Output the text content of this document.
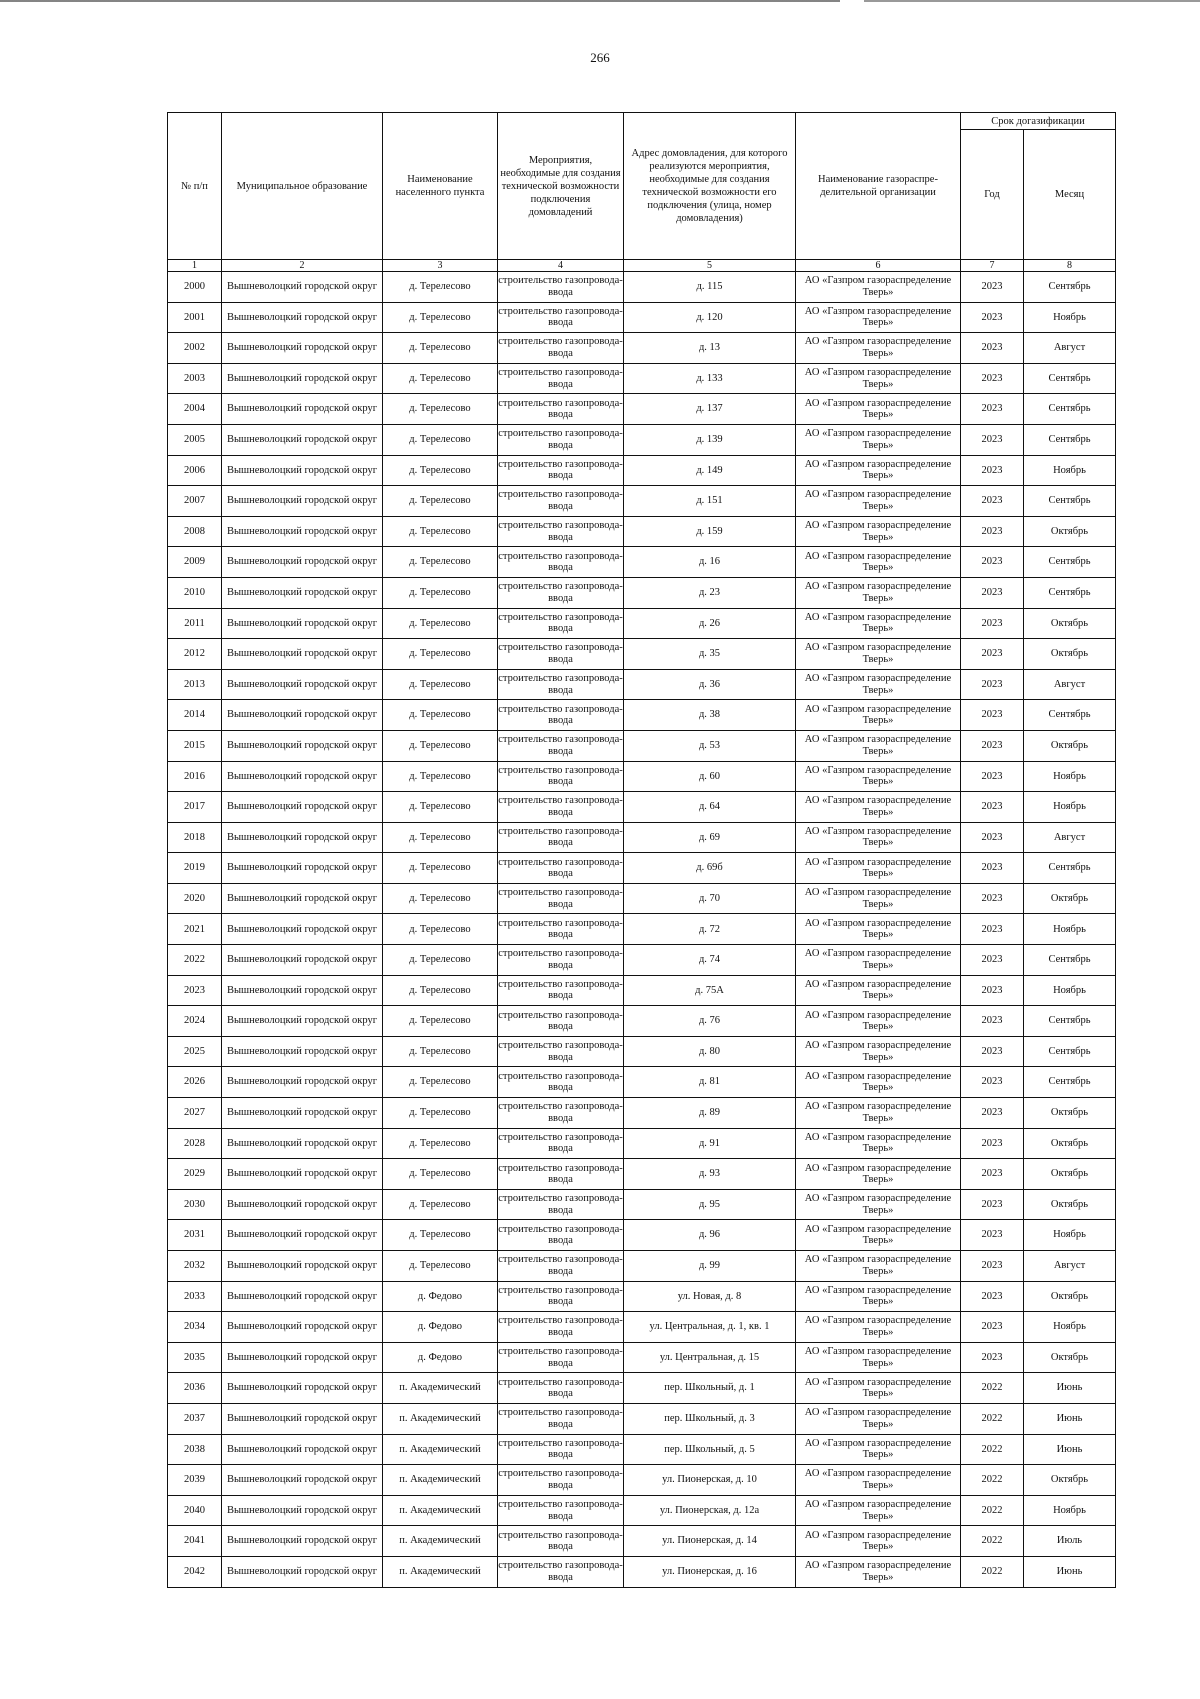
266
№ п/п	Муниципальное образование	Наименование населенного пункта	Мероприятия, необходимые для создания технической возможности подключения домовладений	Адрес домовладения, для которого реализуются мероприятия, необходимые для создания технической возможности его подключения (улица, номер домовладения)	Наименование газораспре-делительной организации	Срок догазификации	
						Год	Месяц
1	2	3	4	5	6	7	8
2000	Вышневолоцкий городской округ	д. Терелесово	строительство газопровода-ввода	д. 115	АО «Газпром газораспределение Тверь»	2023	Сентябрь
2001	Вышневолоцкий городской округ	д. Терелесово	строительство газопровода-ввода	д. 120	АО «Газпром газораспределение Тверь»	2023	Ноябрь
2002	Вышневолоцкий городской округ	д. Терелесово	строительство газопровода-ввода	д. 13	АО «Газпром газораспределение Тверь»	2023	Август
2003	Вышневолоцкий городской округ	д. Терелесово	строительство газопровода-ввода	д. 133	АО «Газпром газораспределение Тверь»	2023	Сентябрь
2004	Вышневолоцкий городской округ	д. Терелесово	строительство газопровода-ввода	д. 137	АО «Газпром газораспределение Тверь»	2023	Сентябрь
2005	Вышневолоцкий городской округ	д. Терелесово	строительство газопровода-ввода	д. 139	АО «Газпром газораспределение Тверь»	2023	Сентябрь
2006	Вышневолоцкий городской округ	д. Терелесово	строительство газопровода-ввода	д. 149	АО «Газпром газораспределение Тверь»	2023	Ноябрь
2007	Вышневолоцкий городской округ	д. Терелесово	строительство газопровода-ввода	д. 151	АО «Газпром газораспределение Тверь»	2023	Сентябрь
2008	Вышневолоцкий городской округ	д. Терелесово	строительство газопровода-ввода	д. 159	АО «Газпром газораспределение Тверь»	2023	Октябрь
2009	Вышневолоцкий городской округ	д. Терелесово	строительство газопровода-ввода	д. 16	АО «Газпром газораспределение Тверь»	2023	Сентябрь
2010	Вышневолоцкий городской округ	д. Терелесово	строительство газопровода-ввода	д. 23	АО «Газпром газораспределение Тверь»	2023	Сентябрь
2011	Вышневолоцкий городской округ	д. Терелесово	строительство газопровода-ввода	д. 26	АО «Газпром газораспределение Тверь»	2023	Октябрь
2012	Вышневолоцкий городской округ	д. Терелесово	строительство газопровода-ввода	д. 35	АО «Газпром газораспределение Тверь»	2023	Октябрь
2013	Вышневолоцкий городской округ	д. Терелесово	строительство газопровода-ввода	д. 36	АО «Газпром газораспределение Тверь»	2023	Август
2014	Вышневолоцкий городской округ	д. Терелесово	строительство газопровода-ввода	д. 38	АО «Газпром газораспределение Тверь»	2023	Сентябрь
2015	Вышневолоцкий городской округ	д. Терелесово	строительство газопровода-ввода	д. 53	АО «Газпром газораспределение Тверь»	2023	Октябрь
2016	Вышневолоцкий городской округ	д. Терелесово	строительство газопровода-ввода	д. 60	АО «Газпром газораспределение Тверь»	2023	Ноябрь
2017	Вышневолоцкий городской округ	д. Терелесово	строительство газопровода-ввода	д. 64	АО «Газпром газораспределение Тверь»	2023	Ноябрь
2018	Вышневолоцкий городской округ	д. Терелесово	строительство газопровода-ввода	д. 69	АО «Газпром газораспределение Тверь»	2023	Август
2019	Вышневолоцкий городской округ	д. Терелесово	строительство газопровода-ввода	д. 69б	АО «Газпром газораспределение Тверь»	2023	Сентябрь
2020	Вышневолоцкий городской округ	д. Терелесово	строительство газопровода-ввода	д. 70	АО «Газпром газораспределение Тверь»	2023	Октябрь
2021	Вышневолоцкий городской округ	д. Терелесово	строительство газопровода-ввода	д. 72	АО «Газпром газораспределение Тверь»	2023	Ноябрь
2022	Вышневолоцкий городской округ	д. Терелесово	строительство газопровода-ввода	д. 74	АО «Газпром газораспределение Тверь»	2023	Сентябрь
2023	Вышневолоцкий городской округ	д. Терелесово	строительство газопровода-ввода	д. 75А	АО «Газпром газораспределение Тверь»	2023	Ноябрь
2024	Вышневолоцкий городской округ	д. Терелесово	строительство газопровода-ввода	д. 76	АО «Газпром газораспределение Тверь»	2023	Сентябрь
2025	Вышневолоцкий городской округ	д. Терелесово	строительство газопровода-ввода	д. 80	АО «Газпром газораспределение Тверь»	2023	Сентябрь
2026	Вышневолоцкий городской округ	д. Терелесово	строительство газопровода-ввода	д. 81	АО «Газпром газораспределение Тверь»	2023	Сентябрь
2027	Вышневолоцкий городской округ	д. Терелесово	строительство газопровода-ввода	д. 89	АО «Газпром газораспределение Тверь»	2023	Октябрь
2028	Вышневолоцкий городской округ	д. Терелесово	строительство газопровода-ввода	д. 91	АО «Газпром газораспределение Тверь»	2023	Октябрь
2029	Вышневолоцкий городской округ	д. Терелесово	строительство газопровода-ввода	д. 93	АО «Газпром газораспределение Тверь»	2023	Октябрь
2030	Вышневолоцкий городской округ	д. Терелесово	строительство газопровода-ввода	д. 95	АО «Газпром газораспределение Тверь»	2023	Октябрь
2031	Вышневолоцкий городской округ	д. Терелесово	строительство газопровода-ввода	д. 96	АО «Газпром газораспределение Тверь»	2023	Ноябрь
2032	Вышневолоцкий городской округ	д. Терелесово	строительство газопровода-ввода	д. 99	АО «Газпром газораспределение Тверь»	2023	Август
2033	Вышневолоцкий городской округ	д. Федово	строительство газопровода-ввода	ул. Новая, д. 8	АО «Газпром газораспределение Тверь»	2023	Октябрь
2034	Вышневолоцкий городской округ	д. Федово	строительство газопровода-ввода	ул. Центральная, д. 1, кв. 1	АО «Газпром газораспределение Тверь»	2023	Ноябрь
2035	Вышневолоцкий городской округ	д. Федово	строительство газопровода-ввода	ул. Центральная, д. 15	АО «Газпром газораспределение Тверь»	2023	Октябрь
2036	Вышневолоцкий городской округ	п. Академический	строительство газопровода-ввода	пер. Школьный, д. 1	АО «Газпром газораспределение Тверь»	2022	Июнь
2037	Вышневолоцкий городской округ	п. Академический	строительство газопровода-ввода	пер. Школьный, д. 3	АО «Газпром газораспределение Тверь»	2022	Июнь
2038	Вышневолоцкий городской округ	п. Академический	строительство газопровода-ввода	пер. Школьный, д. 5	АО «Газпром газораспределение Тверь»	2022	Июнь
2039	Вышневолоцкий городской округ	п. Академический	строительство газопровода-ввода	ул. Пионерская, д. 10	АО «Газпром газораспределение Тверь»	2022	Октябрь
2040	Вышневолоцкий городской округ	п. Академический	строительство газопровода-ввода	ул. Пионерская, д. 12а	АО «Газпром газораспределение Тверь»	2022	Ноябрь
2041	Вышневолоцкий городской округ	п. Академический	строительство газопровода-ввода	ул. Пионерская, д. 14	АО «Газпром газораспределение Тверь»	2022	Июль
2042	Вышневолоцкий городской округ	п. Академический	строительство газопровода-ввода	ул. Пионерская, д. 16	АО «Газпром газораспределение Тверь»	2022	Июнь
